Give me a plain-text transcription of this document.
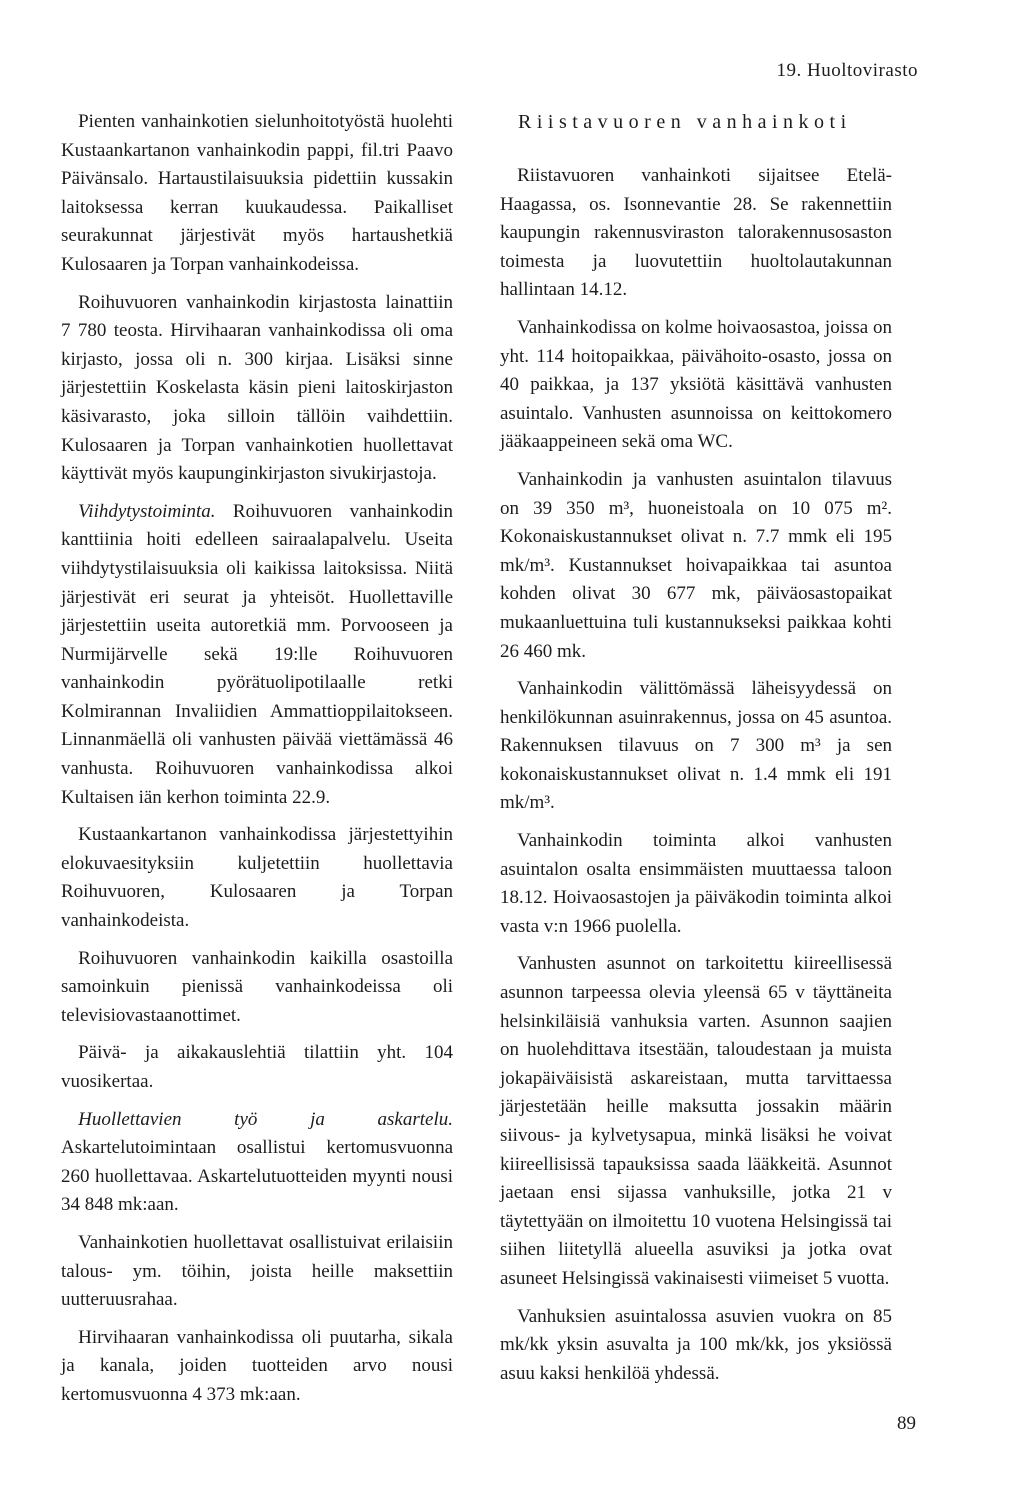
19. Huoltovirasto

Pienten vanhainkotien sielunhoitotyöstä huolehti Kustaankartanon vanhainkodin pappi, fil.tri Paavo Päivänsalo. Hartaustilaisuuksia pidettiin kussakin laitoksessa kerran kuukaudessa. Paikalliset seurakunnat järjestivät myös hartaushetkiä Kulosaaren ja Torpan vanhainkodeissa.

Roihuvuoren vanhainkodin kirjastosta lainattiin 7 780 teosta. Hirvihaaran vanhainkodissa oli oma kirjasto, jossa oli n. 300 kirjaa. Lisäksi sinne järjestettiin Koskelasta käsin pieni laitoskirjaston käsivarasto, joka silloin tällöin vaihdettiin. Kulosaaren ja Torpan vanhainkotien huollettavat käyttivät myös kaupunginkirjaston sivukirjastoja.

Viihdytystoiminta. Roihuvuoren vanhainkodin kanttiinia hoiti edelleen sairaalapalvelu. Useita viihdytystilaisuuksia oli kaikissa laitoksissa. Niitä järjestivät eri seurat ja yhteisöt. Huollettaville järjestettiin useita autoretkiä mm. Porvooseen ja Nurmijärvelle sekä 19:lle Roihuvuoren vanhainkodin pyörätuolipotilaalle retki Kolmirannan Invaliidien Ammattioppilaitokseen. Linnanmäellä oli vanhusten päivää viettämässä 46 vanhusta. Roihuvuoren vanhainkodissa alkoi Kultaisen iän kerhon toiminta 22.9.

Kustaankartanon vanhainkodissa järjestettyihin elokuvaesityksiin kuljetettiin huollettavia Roihuvuoren, Kulosaaren ja Torpan vanhainkodeista.

Roihuvuoren vanhainkodin kaikilla osastoilla samoinkuin pienissä vanhainkodeissa oli televisiovastaanottimet.

Päivä- ja aikakauslehtiä tilattiin yht. 104 vuosikertaa.

Huollettavien työ ja askartelu. Askartelutoimintaan osallistui kertomusvuonna 260 huollettavaa. Askartelutuotteiden myynti nousi 34 848 mk:aan.

Vanhainkotien huollettavat osallistuivat erilaisiin talous- ym. töihin, joista heille maksettiin uutteruusrahaa.

Hirvihaaran vanhainkodissa oli puutarha, sikala ja kanala, joiden tuotteiden arvo nousi kertomusvuonna 4 373 mk:aan.

Riistavuoren vanhainkoti

Riistavuoren vanhainkoti sijaitsee Etelä-Haagassa, os. Isonnevantie 28. Se rakennettiin kaupungin rakennusviraston talorakennusosaston toimesta ja luovutettiin huoltolautakunnan hallintaan 14.12.

Vanhainkodissa on kolme hoivaosastoa, joissa on yht. 114 hoitopaikkaa, päivähoito-osasto, jossa on 40 paikkaa, ja 137 yksiötä käsittävä vanhusten asuintalo. Vanhusten asunnoissa on keittokomero jääkaappeineen sekä oma WC.

Vanhainkodin ja vanhusten asuintalon tilavuus on 39 350 m³, huoneistoala on 10 075 m². Kokonaiskustannukset olivat n. 7.7 mmk eli 195 mk/m³. Kustannukset hoivapaikkaa tai asuntoa kohden olivat 30 677 mk, päiväosastopaikat mukaanluettuina tuli kustannukseksi paikkaa kohti 26 460 mk.

Vanhainkodin välittömässä läheisyydessä on henkilökunnan asuinrakennus, jossa on 45 asuntoa. Rakennuksen tilavuus on 7 300 m³ ja sen kokonaiskustannukset olivat n. 1.4 mmk eli 191 mk/m³.

Vanhainkodin toiminta alkoi vanhusten asuintalon osalta ensimmäisten muuttaessa taloon 18.12. Hoivaosastojen ja päiväkodin toiminta alkoi vasta v:n 1966 puolella.

Vanhusten asunnot on tarkoitettu kiireellisessä asunnon tarpeessa olevia yleensä 65 v täyttäneita helsinkiläisiä vanhuksia varten. Asunnon saajien on huolehdittava itsestään, taloudestaan ja muista jokapäiväisistä askareistaan, mutta tarvittaessa järjestetään heille maksutta jossakin määrin siivous- ja kylvetysapua, minkä lisäksi he voivat kiireellisissä tapauksissa saada lääkkeitä. Asunnot jaetaan ensi sijassa vanhuksille, jotka 21 v täytettyään on ilmoitettu 10 vuotena Helsingissä tai siihen liitetyllä alueella asuviksi ja jotka ovat asuneet Helsingissä vakinaisesti viimeiset 5 vuotta.

Vanhuksien asuintalossa asuvien vuokra on 85 mk/kk yksin asuvalta ja 100 mk/kk, jos yksiössä asuu kaksi henkilöä yhdessä.

89
